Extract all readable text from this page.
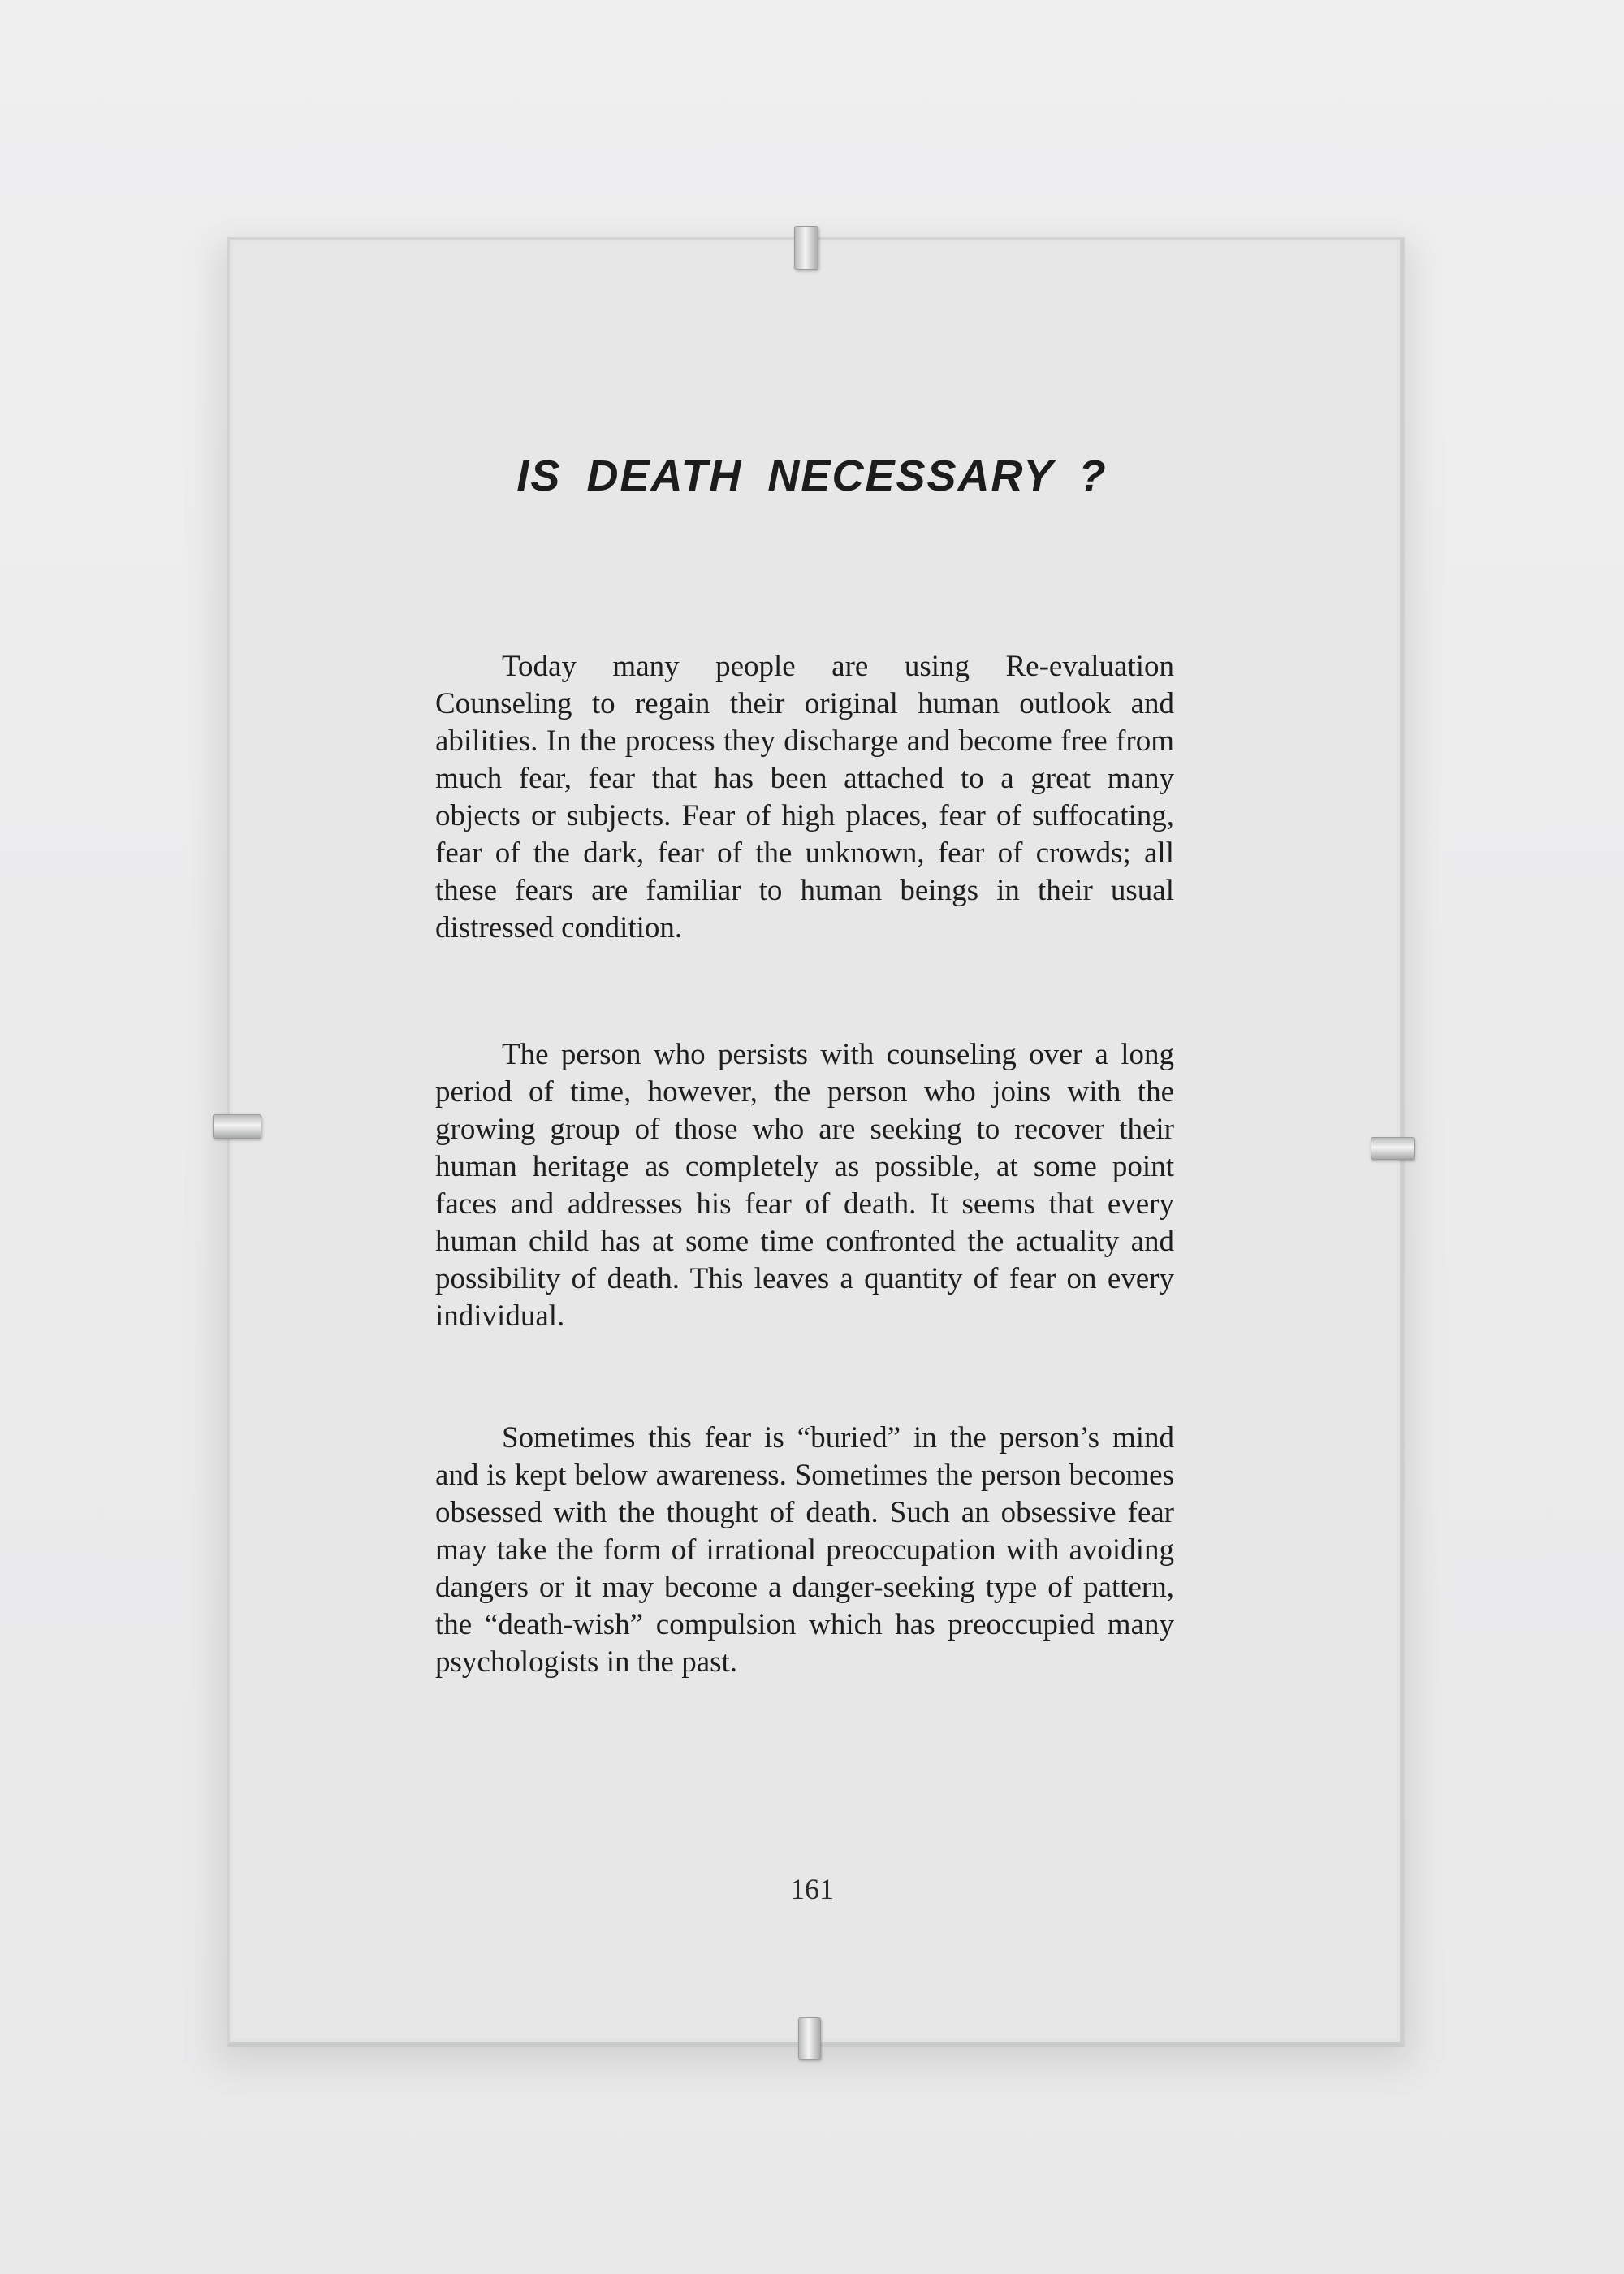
IS DEATH NECESSARY ?

Today many people are using Re-evaluation Counseling to regain their original human outlook and abilities. In the process they discharge and become free from much fear, fear that has been attached to a great many objects or subjects. Fear of high places, fear of suffocating, fear of the dark, fear of the unknown, fear of crowds; all these fears are familiar to human beings in their usual distressed condition.

The person who persists with counseling over a long period of time, however, the person who joins with the growing group of those who are seeking to recover their human heritage as completely as possible, at some point faces and addresses his fear of death. It seems that every human child has at some time confronted the actuality and possibility of death. This leaves a quantity of fear on every individual.

Sometimes this fear is “buried” in the person’s mind and is kept below awareness. Sometimes the person becomes obsessed with the thought of death. Such an obsessive fear may take the form of irrational preoccupation with avoiding dangers or it may become a danger-seeking type of pattern, the “death-wish” compulsion which has preoccupied many psychologists in the past.

161
